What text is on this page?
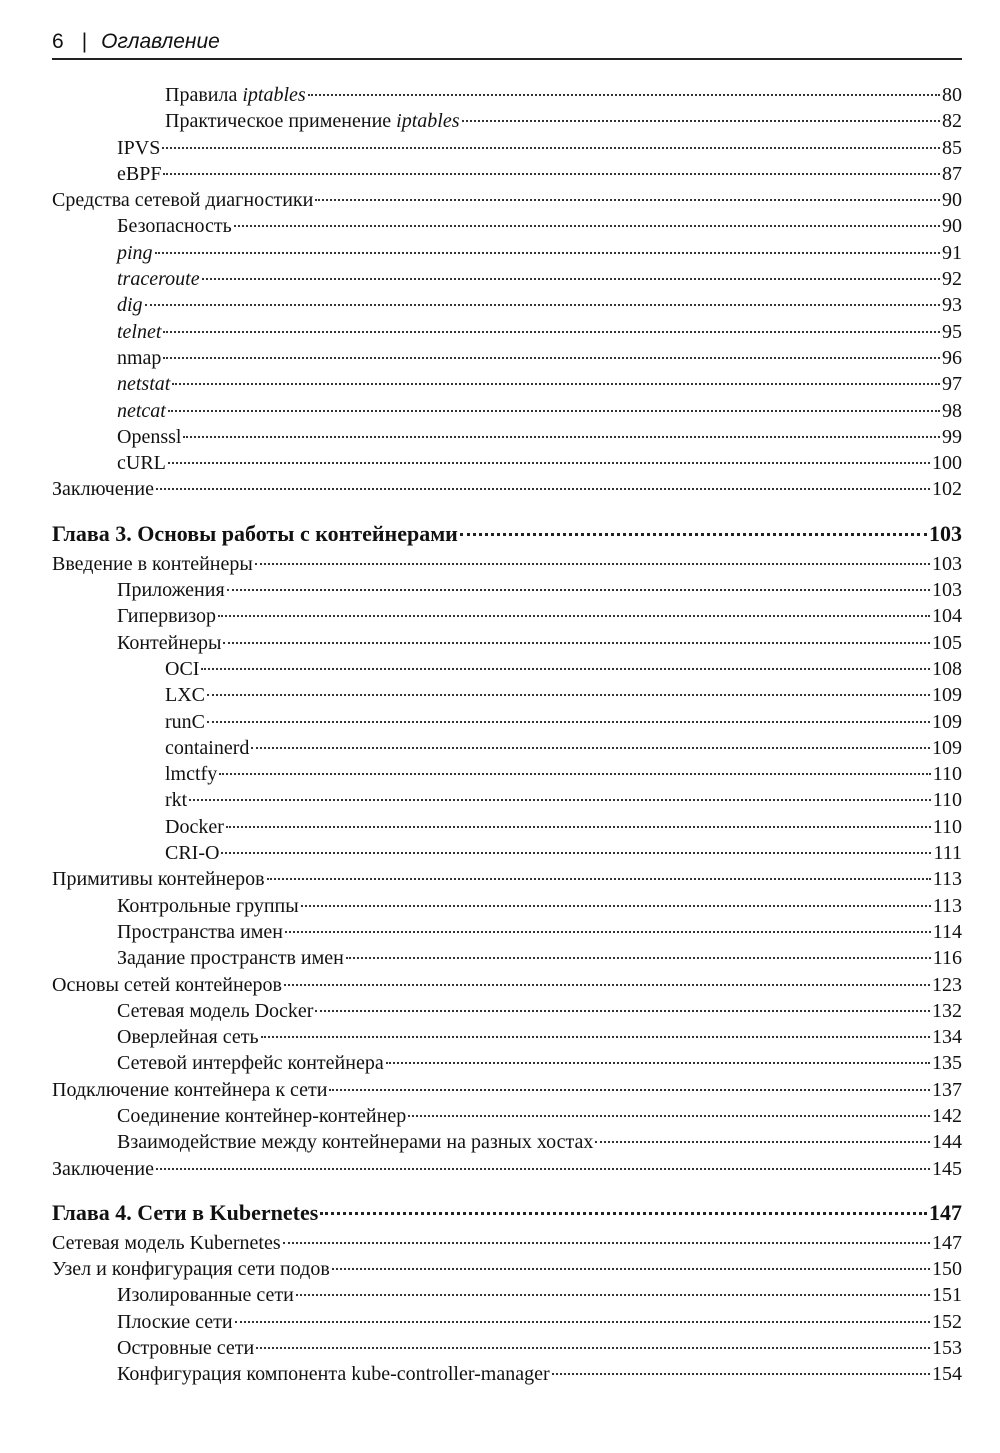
6 | Оглавление
Правила iptables	80
Практическое применение iptables	82
IPVS	85
eBPF	87
Средства сетевой диагностики	90
Безопасность	90
ping	91
traceroute	92
dig	93
telnet	95
nmap	96
netstat	97
netcat	98
Openssl	99
cURL	100
Заключение	102
Глава 3. Основы работы с контейнерами	103
Введение в контейнеры	103
Приложения	103
Гипервизор	104
Контейнеры	105
OCI	108
LXC	109
runC	109
containerd	109
lmctfy	110
rkt	110
Docker	110
CRI-O	111
Примитивы контейнеров	113
Контрольные группы	113
Пространства имен	114
Задание пространств имен	116
Основы сетей контейнеров	123
Сетевая модель Docker	132
Оверлейная сеть	134
Сетевой интерфейс контейнера	135
Подключение контейнера к сети	137
Соединение контейнер-контейнер	142
Взаимодействие между контейнерами на разных хостах	144
Заключение	145
Глава 4. Сети в Kubernetes	147
Сетевая модель Kubernetes	147
Узел и конфигурация сети подов	150
Изолированные сети	151
Плоские сети	152
Островные сети	153
Конфигурация компонента kube-controller-manager	154
